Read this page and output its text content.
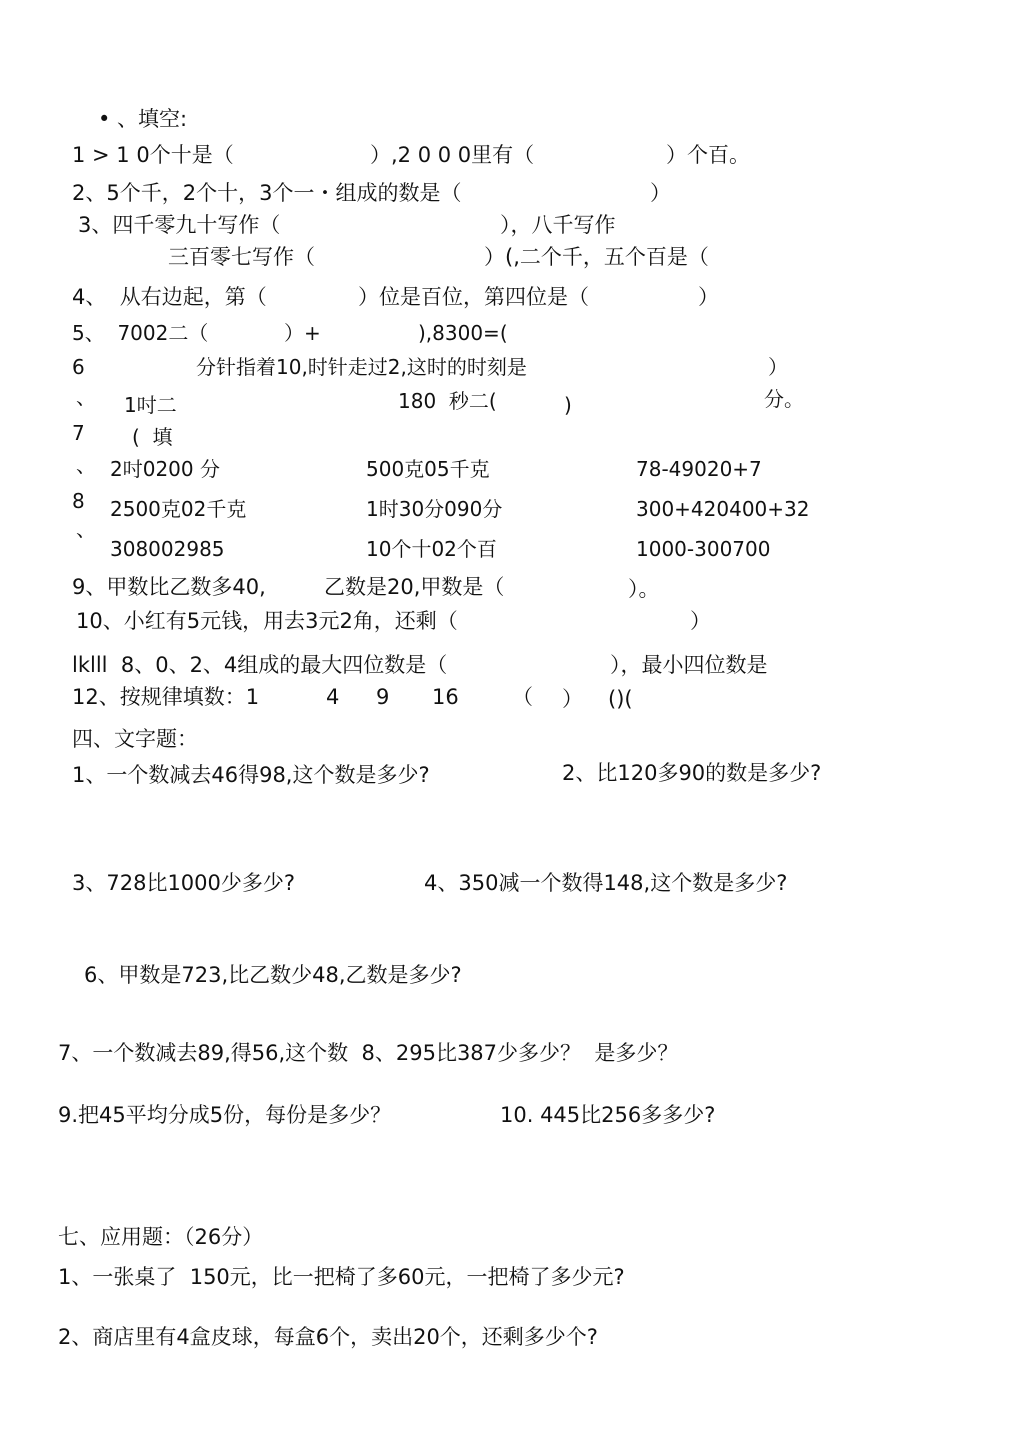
• 、填空:
1 > 1 0个十是（	）,2 0 0 0里有（	）个百。
2、5个千，2个十，3个一・组成的数是（	）
3、四千零九十写作（	），八千写作
三百零七写作（	）(,二个千，五个百是（
4、  从右边起，第（	）位是百位，第四位是（	）
5、  7002二（	）+	),8300=(
6	分针指着10,时针走过2,这时的时刻是	）
、 1吋二	180  秒二(	)	分。
7 (  填
、 2吋0200 分	500克05千克	78-49020+7
8 2500克02千克	1时30分090分	300+420400+32
、
308002985	10个十02个百	1000-300700
9、甲数比乙数多40,	乙数是20,甲数是（	）。
10、小红有5元钱，用去3元2角，还剩（	）
lklll  8、0、2、4组成的最大四位数是（	），最小四位数是
12、按规律填数：1	4 9 16	（ ） ()(
四、文字题：
1、一个数减去46得98,这个数是多少?	2、比120多90的数是多少?
3、728比1000少多少?	4、350减一个数得148,这个数是多少?
6、甲数是723,比乙数少48,乙数是多少?
7、一个数减去89,得56,这个数  8、295比387少多少？  是多少？
9.把45平均分成5份，每份是多少？	10. 445比256多多少?
七、应用题：（26分）
1、一张桌了  150元，比一把椅了多60元，一把椅了多少元?
2、商店里有4盒皮球，每盒6个，卖出20个，还剩多少个?
